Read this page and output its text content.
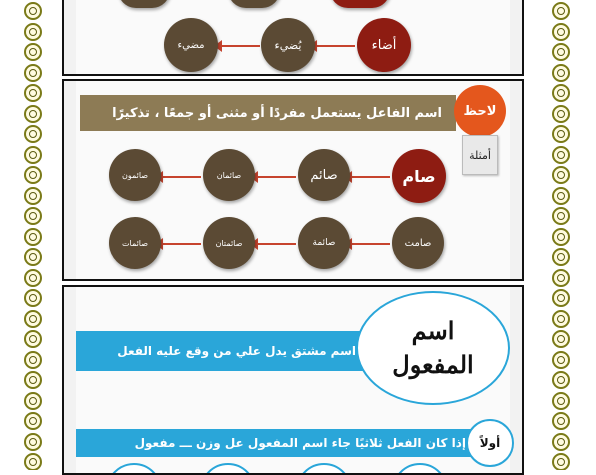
أضاء
يُضيء
مضيء
اسم الفاعل يستعمل مفردًا أو مثنى أو جمعًا ، تذكيرًا لاحظ
أمثلة
صام
صائم
صائمان
صائمون
صامت
صائمة
صائمتان
صائمات
اسم مشتق يدل علي من وقع عليه الفعل
اسم
المفعول
إذا كان الفعل ثلاثيًا جاء اسم المفعول عل وزن ـــ مفعول أولاً
